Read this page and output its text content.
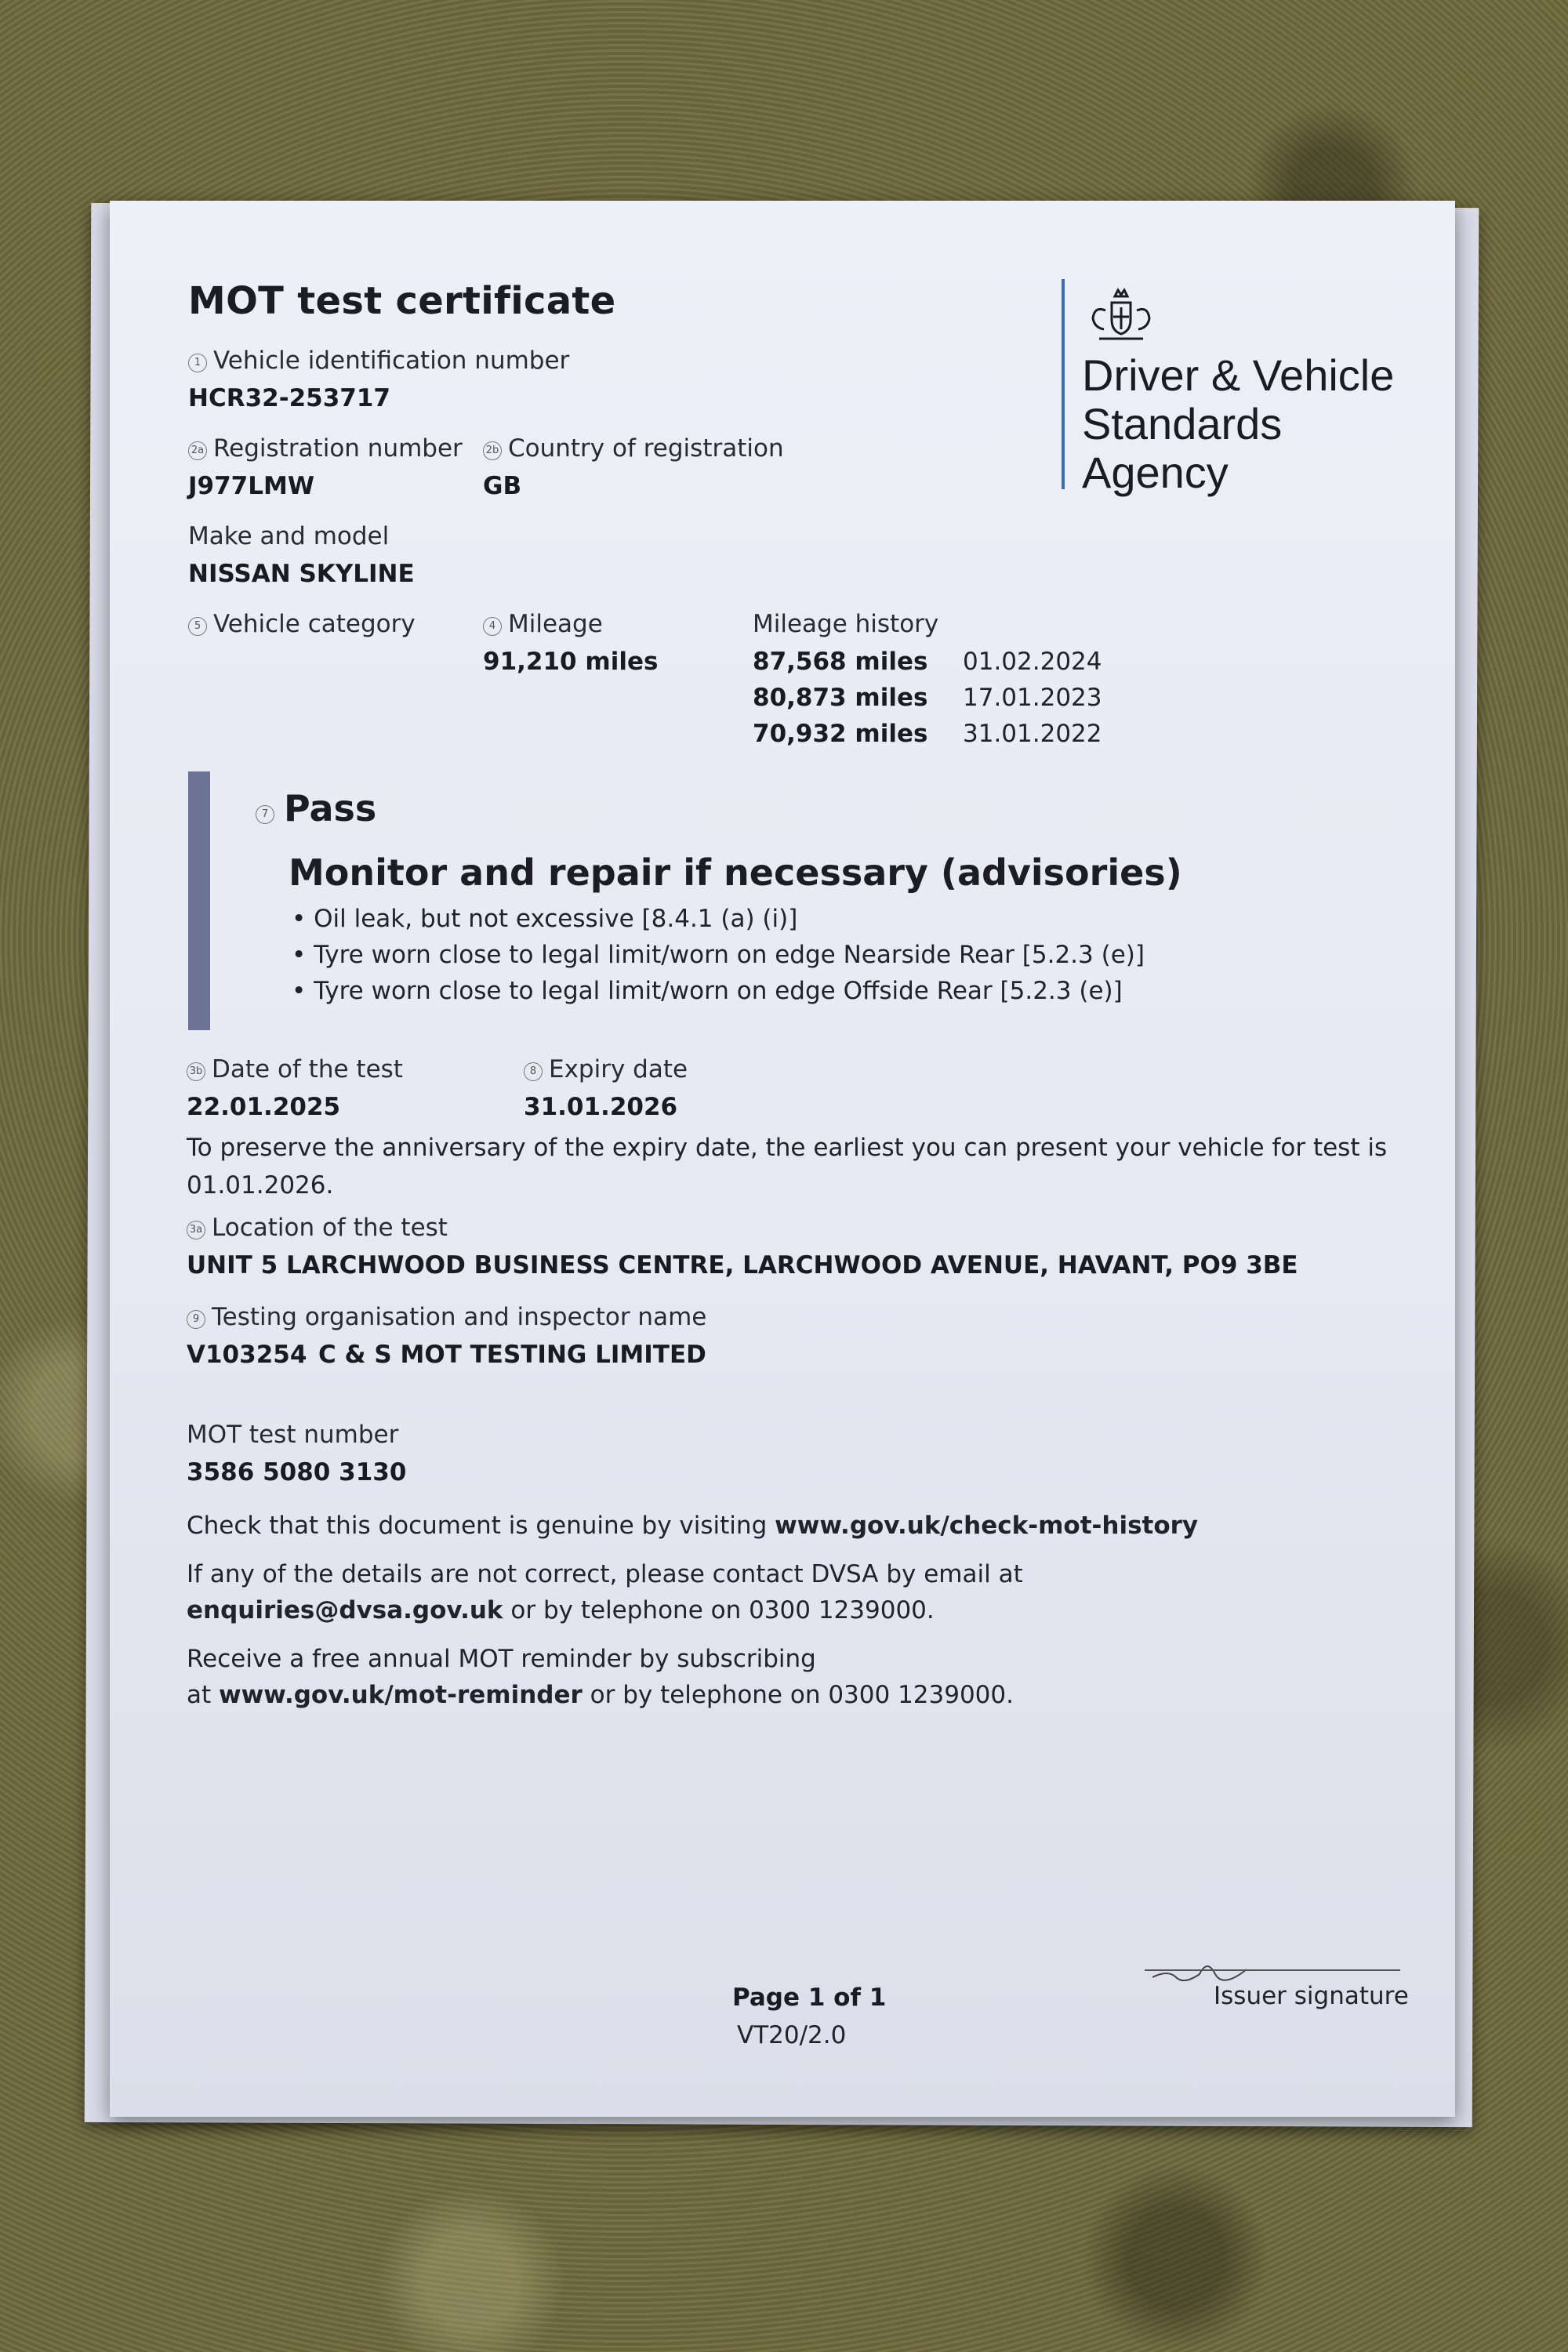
MOT test certificate
1 Vehicle identification number
HCR32-253717
2a Registration number
J977LMW
2b Country of registration
GB
Make and model
NISSAN SKYLINE
5 Vehicle category	4 Mileage
91,210 miles
Mileage history
87,568 miles 01.02.2024
80,873 miles 17.01.2023
70,932 miles 31.01.2022
Driver & Vehicle
Standards
Agency
7 Pass
Monitor and repair if necessary (advisories)
• Oil leak, but not excessive [8.4.1 (a) (i)]
• Tyre worn close to legal limit/worn on edge Nearside Rear [5.2.3 (e)]
• Tyre worn close to legal limit/worn on edge Offside Rear [5.2.3 (e)]
3b Date of the test
22.01.2025
8 Expiry date
31.01.2026
To preserve the anniversary of the expiry date, the earliest you can present your vehicle for test is
01.01.2026.
3a Location of the test
UNIT 5 LARCHWOOD BUSINESS CENTRE, LARCHWOOD AVENUE, HAVANT, PO9 3BE
9 Testing organisation and inspector name
V103254 C & S MOT TESTING LIMITED
MOT test number
3586 5080 3130
Check that this document is genuine by visiting www.gov.uk/check-mot-history
If any of the details are not correct, please contact DVSA by email at
enquiries@dvsa.gov.uk or by telephone on 0300 1239000.
Receive a free annual MOT reminder by subscribing
at www.gov.uk/mot-reminder or by telephone on 0300 1239000.
Page 1 of 1
VT20/2.0
Issuer signature
